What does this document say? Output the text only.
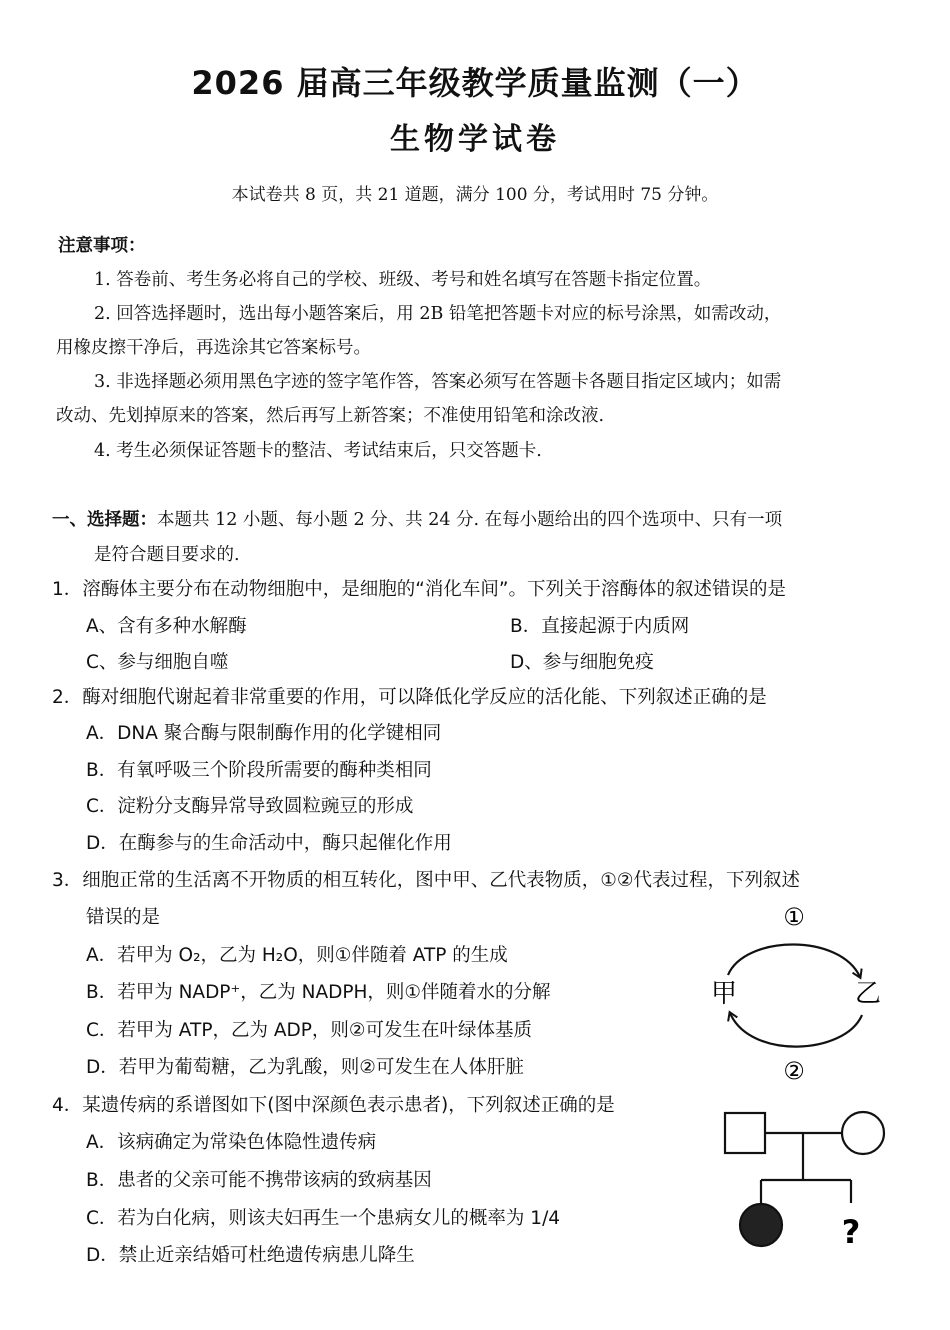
2026 届高三年级教学质量监测（一）
生物学试卷
本试卷共 8 页，共 21 道题，满分 100 分，考试用时 75 分钟。
注意事项：
1. 答卷前、考生务必将自己的学校、班级、考号和姓名填写在答题卡指定位置。
2. 回答选择题时，选出每小题答案后，用 2B 铅笔把答题卡对应的标号涂黑，如需改动，
用橡皮擦干净后，再选涂其它答案标号。
3. 非选择题必须用黑色字迹的签字笔作答，答案必须写在答题卡各题目指定区域内；如需
改动、先划掉原来的答案，然后再写上新答案；不准使用铅笔和涂改液.
4. 考生必须保证答题卡的整洁、考试结束后，只交答题卡.
一、选择题：本题共 12 小题、每小题 2 分、共 24 分. 在每小题给出的四个选项中、只有一项
是符合题目要求的.
1．溶酶体主要分布在动物细胞中，是细胞的“消化车间”。下列关于溶酶体的叙述错误的是
A、含有多种水解酶	B．直接起源于内质网
C、参与细胞自噬	D、参与细胞免疫
2．酶对细胞代谢起着非常重要的作用，可以降低化学反应的活化能、下列叙述正确的是
A．DNA 聚合酶与限制酶作用的化学键相同
B．有氧呼吸三个阶段所需要的酶种类相同
C．淀粉分支酶异常导致圆粒豌豆的形成
D．在酶参与的生命活动中，酶只起催化作用
3．细胞正常的生活离不开物质的相互转化，图中甲、乙代表物质，①②代表过程，下列叙述
错误的是
A．若甲为 O₂，乙为 H₂O，则①伴随着 ATP 的生成
B．若甲为 NADP⁺，乙为 NADPH，则①伴随着水的分解
C．若甲为 ATP，乙为 ADP，则②可发生在叶绿体基质
D．若甲为葡萄糖，乙为乳酸，则②可发生在人体肝脏
①
甲	乙
②
4．某遗传病的系谱图如下(图中深颜色表示患者)，下列叙述正确的是
A．该病确定为常染色体隐性遗传病
B．患者的父亲可能不携带该病的致病基因
C．若为白化病，则该夫妇再生一个患病女儿的概率为 1/4
D．禁止近亲结婚可杜绝遗传病患儿降生
?
